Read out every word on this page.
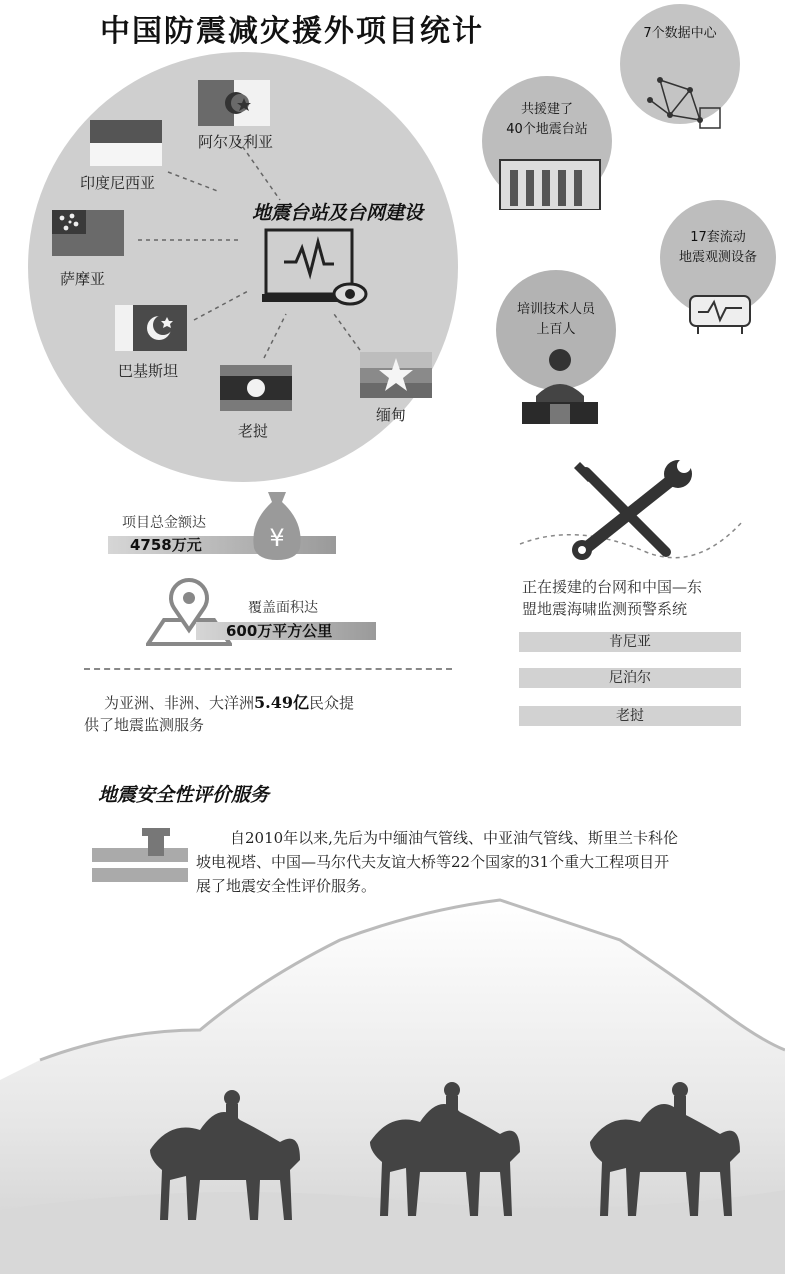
中国防震减灾援外项目统计
阿尔及利亚
印度尼西亚
萨摩亚
巴基斯坦
老挝
缅甸
地震台站及台网建设
7个数据中心
共援建了
40个地震台站
17套流动
地震观测设备
培训技术人员
上百人
项目总金额达
4758万元	¥
覆盖面积达
600万平方公里
为亚洲、非洲、大洋洲5.49亿民众提
供了地震监测服务
正在援建的台网和中国—东
盟地震海啸监测预警系统
肯尼亚
尼泊尔
老挝
地震安全性评价服务
自2010年以来,先后为中缅油气管线、中亚油气管线、斯里兰卡科伦
坡电视塔、中国—马尔代夫友谊大桥等22个国家的31个重大工程项目开
展了地震安全性评价服务。
